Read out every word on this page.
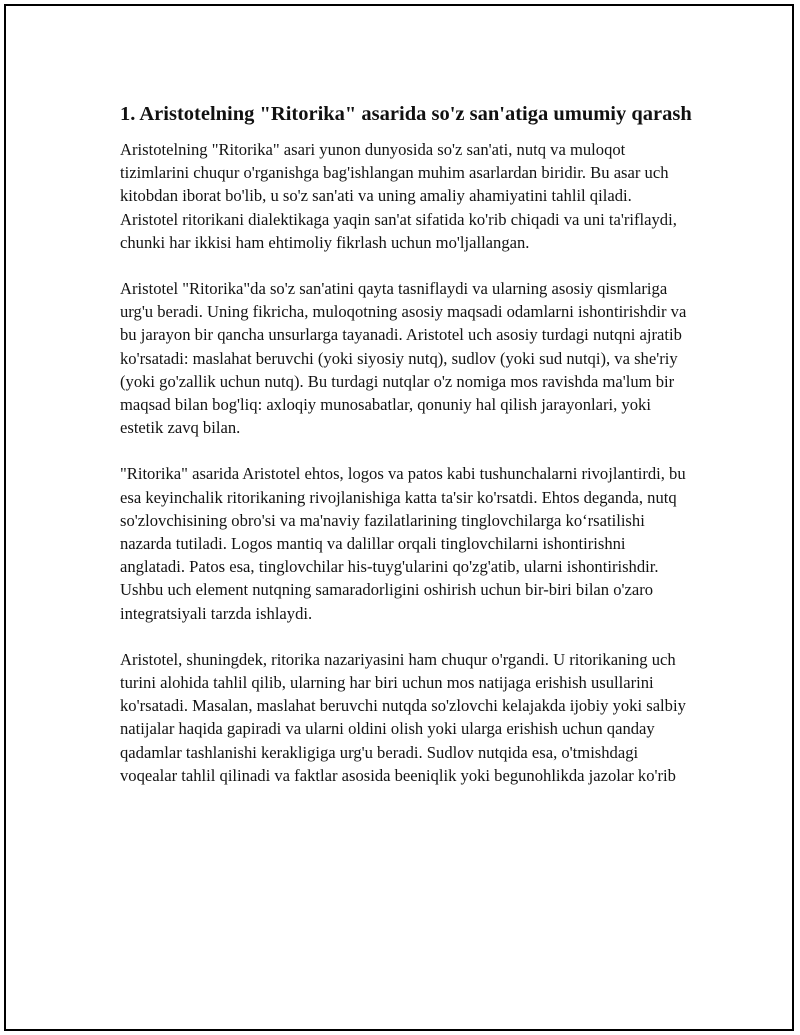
1. Aristotelning "Ritorika" asarida so'z san'atiga umumiy qarash

Aristotelning "Ritorika" asari yunon dunyosida so'z san'ati, nutq va muloqot tizimlarini chuqur o'rganishga bag'ishlangan muhim asarlardan biridir. Bu asar uch kitobdan iborat bo'lib, u so'z san'ati va uning amaliy ahamiyatini tahlil qiladi. Aristotel ritorikani dialektikaga yaqin san'at sifatida ko'rib chiqadi va uni ta'riflaydi, chunki har ikkisi ham ehtimoliy fikrlash uchun mo'ljallangan.

Aristotel "Ritorika"da so'z san'atini qayta tasniflaydi va ularning asosiy qismlariga urg'u beradi. Uning fikricha, muloqotning asosiy maqsadi odamlarni ishontirishdir va bu jarayon bir qancha unsurlarga tayanadi. Aristotel uch asosiy turdagi nutqni ajratib ko'rsatadi: maslahat beruvchi (yoki siyosiy nutq), sudlov (yoki sud nutqi), va she'riy (yoki go'zallik uchun nutq). Bu turdagi nutqlar o'z nomiga mos ravishda ma'lum bir maqsad bilan bog'liq: axloqiy munosabatlar, qonuniy hal qilish jarayonlari, yoki estetik zavq bilan.

"Ritorika" asarida Aristotel ehtos, logos va patos kabi tushunchalarni rivojlantirdi, bu esa keyinchalik ritorikaning rivojlanishiga katta ta'sir ko'rsatdi. Ehtos deganda, nutq so'zlovchisining obro'si va ma'naviy fazilatlarining tinglovchilarga ko‘rsatilishi nazarda tutiladi. Logos mantiq va dalillar orqali tinglovchilarni ishontirishni anglatadi. Patos esa, tinglovchilar his-tuyg'ularini qo'zg'atib, ularni ishontirishdir. Ushbu uch element nutqning samaradorligini oshirish uchun bir-biri bilan o'zaro integratsiyali tarzda ishlaydi.

Aristotel, shuningdek, ritorika nazariyasini ham chuqur o'rgandi. U ritorikaning uch turini alohida tahlil qilib, ularning har biri uchun mos natijaga erishish usullarini ko'rsatadi. Masalan, maslahat beruvchi nutqda so'zlovchi kelajakda ijobiy yoki salbiy natijalar haqida gapiradi va ularni oldini olish yoki ularga erishish uchun qanday qadamlar tashlanishi kerakligiga urg'u beradi. Sudlov nutqida esa, o'tmishdagi voqealar tahlil qilinadi va faktlar asosida beeniqlik yoki begunohlikda jazolar ko'rib
